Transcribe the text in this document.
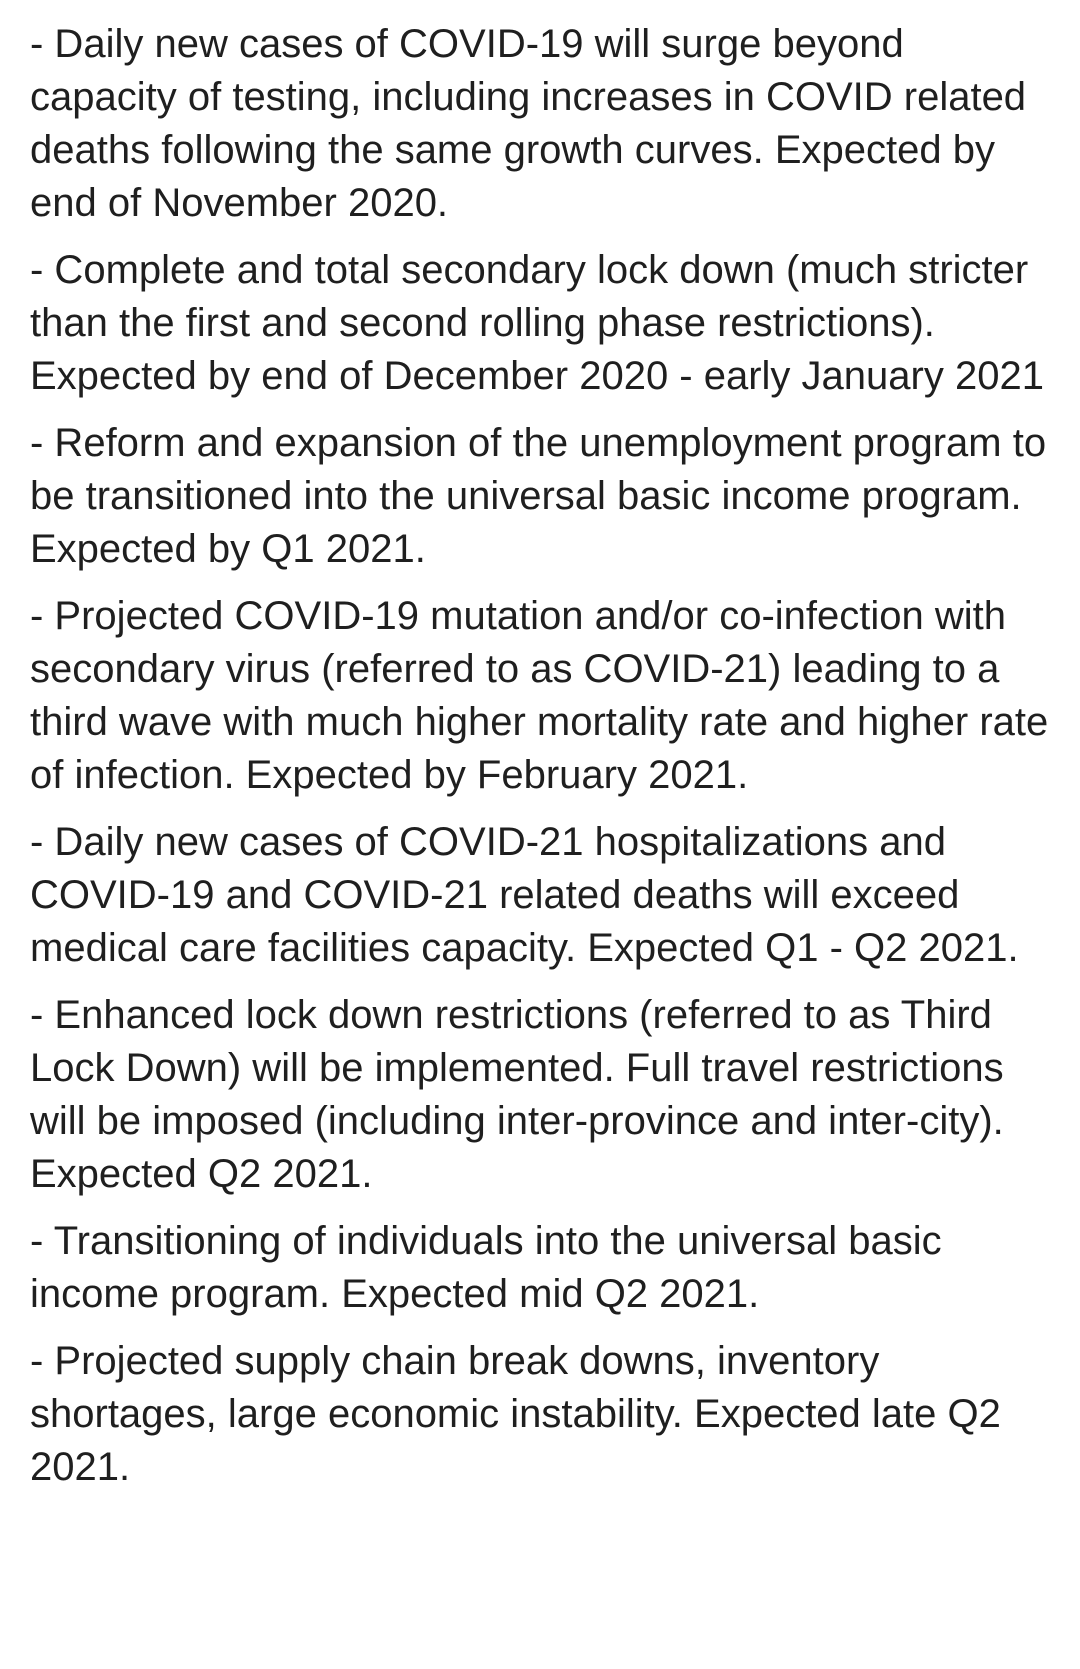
- Daily new cases of COVID-19 will surge beyond capacity of testing, including increases in COVID related deaths following the same growth curves. Expected by end of November 2020.

- Complete and total secondary lock down (much stricter than the first and second rolling phase restrictions). Expected by end of December 2020 - early January 2021

- Reform and expansion of the unemployment program to be transitioned into the universal basic income program. Expected by Q1 2021.

- Projected COVID-19 mutation and/or co-infection with secondary virus (referred to as COVID-21) leading to a third wave with much higher mortality rate and higher rate of infection. Expected by February 2021.

- Daily new cases of COVID-21 hospitalizations and COVID-19 and COVID-21 related deaths will exceed medical care facilities capacity. Expected Q1 - Q2 2021.

- Enhanced lock down restrictions (referred to as Third Lock Down) will be implemented. Full travel restrictions will be imposed (including inter-province and inter-city). Expected Q2 2021.

- Transitioning of individuals into the universal basic income program. Expected mid Q2 2021.

- Projected supply chain break downs, inventory shortages, large economic instability. Expected late Q2 2021.
